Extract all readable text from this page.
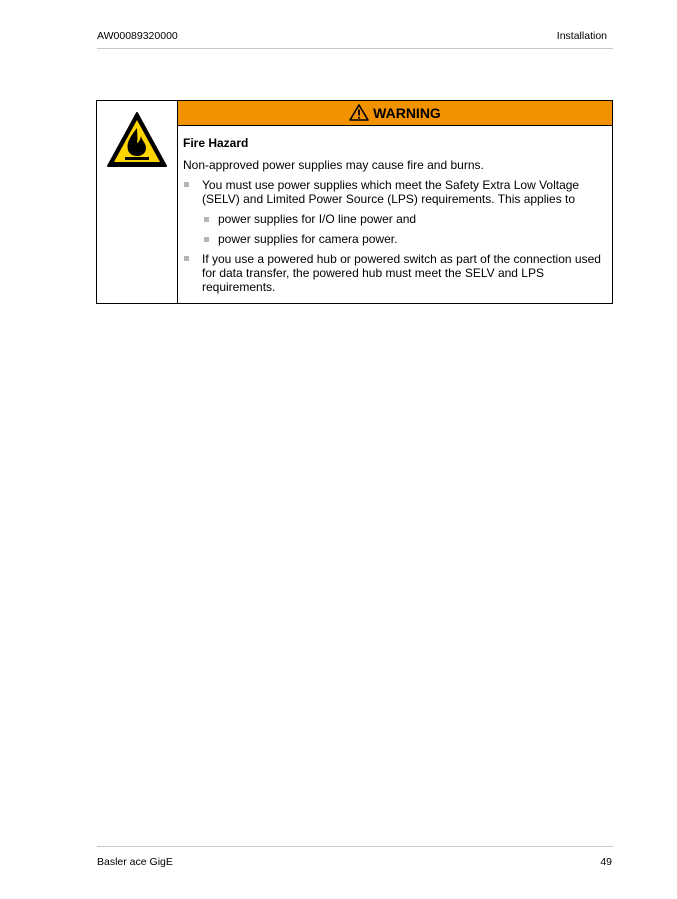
AW00089320000	Installation
WARNING
Fire Hazard
Non-approved power supplies may cause fire and burns.
You must use power supplies which meet the Safety Extra Low Voltage (SELV) and Limited Power Source (LPS) requirements. This applies to
power supplies for I/O line power and
power supplies for camera power.
If you use a powered hub or powered switch as part of the connection used for data transfer, the powered hub must meet the SELV and LPS requirements.
Basler ace GigE	49
